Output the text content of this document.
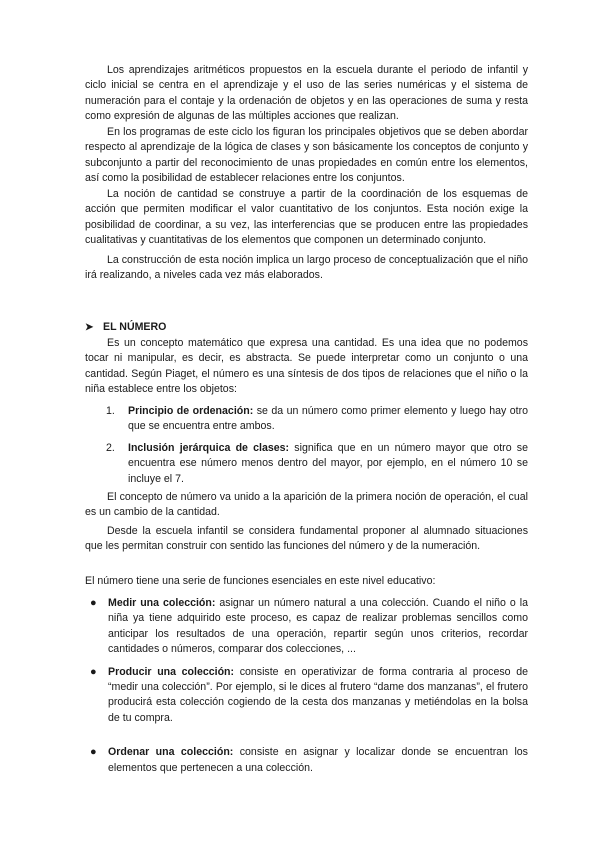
Los aprendizajes aritméticos propuestos en la escuela durante el periodo de infantil y ciclo inicial se centra en el aprendizaje y el uso de las series numéricas y el sistema de numeración para el contaje y la ordenación de objetos y en las operaciones de suma y resta como expresión de algunas de las múltiples acciones que realizan.

En los programas de este ciclo los figuran los principales objetivos que se deben abordar respecto al aprendizaje de la lógica de clases y son básicamente los conceptos de conjunto y subconjunto a partir del reconocimiento de unas propiedades en común entre los elementos, así como la posibilidad de establecer relaciones entre los conjuntos.

La noción de cantidad se construye a partir de la coordinación de los esquemas de acción que permiten modificar el valor cuantitativo de los conjuntos. Esta noción exige la posibilidad de coordinar, a su vez, las interferencias que se producen entre las propiedades cualitativas y cuantitativas de los elementos que componen un determinado conjunto.

La construcción de esta noción implica un largo proceso de conceptualización que el niño irá realizando, a niveles cada vez más elaborados.

➤ EL NÚMERO

Es un concepto matemático que expresa una cantidad. Es una idea que no podemos tocar ni manipular, es decir, es abstracta. Se puede interpretar como un conjunto o una cantidad. Según Piaget, el número es una síntesis de dos tipos de relaciones que el niño o la niña establece entre los objetos:

1. Principio de ordenación: se da un número como primer elemento y luego hay otro que se encuentra entre ambos.
2. Inclusión jerárquica de clases: significa que en un número mayor que otro se encuentra ese número menos dentro del mayor, por ejemplo, en el número 10 se incluye el 7.

El concepto de número va unido a la aparición de la primera noción de operación, el cual es un cambio de la cantidad.

Desde la escuela infantil se considera fundamental proponer al alumnado situaciones que les permitan construir con sentido las funciones del número y de la numeración.

El número tiene una serie de funciones esenciales en este nivel educativo:

● Medir una colección: asignar un número natural a una colección. Cuando el niño o la niña ya tiene adquirido este proceso, es capaz de realizar problemas sencillos como anticipar los resultados de una operación, repartir según unos criterios, recordar cantidades o números, comparar dos colecciones, ...
● Producir una colección: consiste en operativizar de forma contraria al proceso de “medir una colección”. Por ejemplo, si le dices al frutero “dame dos manzanas”, el frutero producirá esta colección cogiendo de la cesta dos manzanas y metiéndolas en la bolsa de tu compra.
● Ordenar una colección: consiste en asignar y localizar donde se encuentran los elementos que pertenecen a una colección.
